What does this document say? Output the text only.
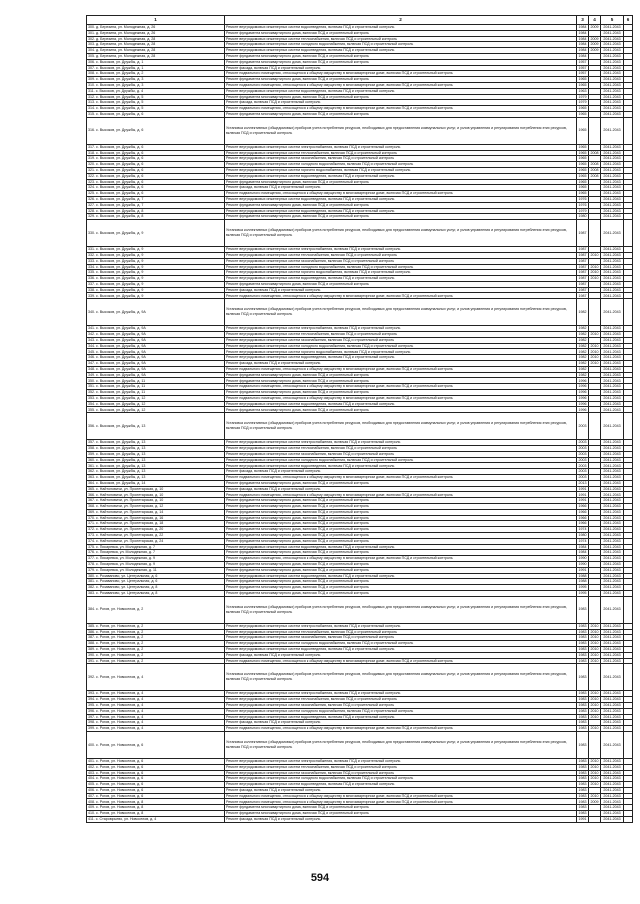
1	2	3	4	5	6
300. д. Березина, ул. Молодежная, д. 26	Ремонт внутридомовых инженерных систем водоотведения, включая ПСД и строительный контроль	1984	2009	2041-2043	
301. д. Березина, ул. Молодежная, д. 26	Ремонт фундамента многоквартирного дома, включая ПСД и строительный контроль	1984		2041-2043	
302. д. Березина, ул. Молодежная, д. 28	Ремонт внутридомовых инженерных систем теплоснабжения, включая ПСД и строительный контроль	1984	2009	2041-2043	
303. д. Березина, ул. Молодежная, д. 28	Ремонт внутридомовых инженерных систем холодного водоснабжения, включая ПСД и строительный контроль	1984	2009	2041-2043	
304. д. Березина, ул. Молодежная, д. 28	Ремонт внутридомовых инженерных систем водоотведения, включая ПСД и строительный контроль	1984	2009	2041-2043	
305. д. Березина, ул. Молодежная, д. 28	Ремонт фундамента многоквартирного дома, включая ПСД и строительный контроль	1984		2041-2043	
306. с. Высоков, ул. Дружбы, д. 1	Ремонт фундамента многоквартирного дома, включая ПСД и строительный контроль	1957		2041-2043	
307. с. Высоков, ул. Дружбы, д. 1	Ремонт фасада, включая ПСД и строительный контроль	1957		2041-2043	
308. с. Высоков, ул. Дружбы, д. 2	Ремонт подвального помещения, относящегося к общему имуществу в многоквартирном доме, включая ПСД и строительный контроль	1957		2041-2043	
309. с. Высоков, ул. Дружбы, д. 3	Ремонт фундамента многоквартирного дома, включая ПСД и строительный контроль	1965		2041-2043	
310. с. Высоков, ул. Дружбы, д. 3	Ремонт подвального помещения, относящегося к общему имуществу в многоквартирном доме, включая ПСД и строительный контроль	1965		2041-2043	
311. с. Высоков, ул. Дружбы, д. 4	Ремонт внутридомовых инженерных систем водоотведения, включая ПСД и строительный контроль	1963		2041-2043	
312. с. Высоков, ул. Дружбы, д. 5	Ремонт фундамента многоквартирного дома, включая ПСД и строительный контроль	1979		2041-2043	
313. с. Высоков, ул. Дружбы, д. 5	Ремонт фасада, включая ПСД и строительный контроль	1979		2041-2043	
314. с. Высоков, ул. Дружбы, д. 5	Ремонт подвального помещения, относящегося к общему имуществу в многоквартирном доме, включая ПСД и строительный контроль	1965		2041-2043	
315. с. Высоков, ул. Дружбы, д. 6	Ремонт фундамента многоквартирного дома, включая ПСД и строительный контроль	1965		2041-2043	
316. с. Высоков, ул. Дружбы, д. 6	Установка коллективных (общедомовых) приборов учета потребления ресурсов, необходимых для предоставления коммунальных услуг, и узлов управления и регулирования потребления этих ресурсов, включая ПСД и строительный контроль	1965		2041-2043	
317. с. Высоков, ул. Дружбы, д. 6	Ремонт внутридомовых инженерных систем электроснабжения, включая ПСД и строительный контроль	1965		2041-2043	
318. с. Высоков, ул. Дружбы, д. 6	Ремонт внутридомовых инженерных систем теплоснабжения, включая ПСД и строительный контроль	1965	2008	2041-2043	
319. с. Высоков, ул. Дружбы, д. 6	Ремонт внутридомовых инженерных систем газоснабжения, включая ПСД и строительный контроль	1965		2041-2043	
320. с. Высоков, ул. Дружбы, д. 6	Ремонт внутридомовых инженерных систем холодного водоснабжения, включая ПСД и строительный контроль	1965	2008	2041-2043	
321. с. Высоков, ул. Дружбы, д. 6	Ремонт внутридомовых инженерных систем горячего водоснабжения, включая ПСД и строительный контроль	1965	2008	2041-2043	
322. с. Высоков, ул. Дружбы, д. 6	Ремонт внутридомовых инженерных систем водоотведения, включая ПСД и строительный контроль	1965	2008	2041-2043	
323. с. Высоков, ул. Дружбы, д. 6	Ремонт фундамента многоквартирного дома, включая ПСД и строительный контроль	1965		2041-2043	
324. с. Высоков, ул. Дружбы, д. 6	Ремонт фасада, включая ПСД и строительный контроль	1965		2041-2043	
325. с. Высоков, ул. Дружбы, д. 6	Ремонт подвального помещения, относящегося к общему имуществу в многоквартирном доме, включая ПСД и строительный контроль	1965		2041-2043	
326. с. Высоков, ул. Дружбы, д. 7	Ремонт внутридомовых инженерных систем водоотведения, включая ПСД и строительный контроль	1976		2041-2043	
327. с. Высоков, ул. Дружбы, д. 7	Ремонт фундамента многоквартирного дома, включая ПСД и строительный контроль	1976		2041-2043	
328. с. Высоков, ул. Дружбы, д. 8	Ремонт внутридомовых инженерных систем водоотведения, включая ПСД и строительный контроль	1979		2041-2043	
329. с. Высоков, ул. Дружбы, д. 8	Ремонт фундамента многоквартирного дома, включая ПСД и строительный контроль	1980		2041-2043	
330. с. Высоков, ул. Дружбы, д. 9	Установка коллективных (общедомовых) приборов учета потребления ресурсов, необходимых для предоставления коммунальных услуг, и узлов управления и регулирования потребления этих ресурсов, включая ПСД и строительный контроль	1987		2041-2043	
331. с. Высоков, ул. Дружбы, д. 9	Ремонт внутридомовых инженерных систем электроснабжения, включая ПСД и строительный контроль	1987		2041-2043	
332. с. Высоков, ул. Дружбы, д. 9	Ремонт внутридомовых инженерных систем теплоснабжения, включая ПСД и строительный контроль	1987	2010	2041-2043	
333. с. Высоков, ул. Дружбы, д. 9	Ремонт внутридомовых инженерных систем газоснабжения, включая ПСД и строительный контроль	1987		2041-2043	
334. с. Высоков, ул. Дружбы, д. 9	Ремонт внутридомовых инженерных систем холодного водоснабжения, включая ПСД и строительный контроль	1987	2010	2041-2043	
335. с. Высоков, ул. Дружбы, д. 9	Ремонт внутридомовых инженерных систем горячего водоснабжения, включая ПСД и строительный контроль	1987	2010	2041-2043	
336. с. Высоков, ул. Дружбы, д. 9	Ремонт внутридомовых инженерных систем водоотведения, включая ПСД и строительный контроль	1987	2010	2041-2043	
337. с. Высоков, ул. Дружбы, д. 9	Ремонт фундамента многоквартирного дома, включая ПСД и строительный контроль	1987		2041-2043	
338. с. Высоков, ул. Дружбы, д. 9	Ремонт фасада, включая ПСД и строительный контроль	1987		2041-2043	
339. с. Высоков, ул. Дружбы, д. 9	Ремонт подвального помещения, относящегося к общему имуществу в многоквартирном доме, включая ПСД и строительный контроль	1987		2041-2043	
340. с. Высоков, ул. Дружбы, д. 9А	Установка коллективных (общедомовых) приборов учета потребления ресурсов, необходимых для предоставления коммунальных услуг, и узлов управления и регулирования потребления этих ресурсов, включая ПСД и строительный контроль	1982		2041-2043	
341. с. Высоков, ул. Дружбы, д. 9А	Ремонт внутридомовых инженерных систем электроснабжения, включая ПСД и строительный контроль	1982		2041-2043	
342. с. Высоков, ул. Дружбы, д. 9А	Ремонт внутридомовых инженерных систем теплоснабжения, включая ПСД и строительный контроль	1982	2010	2041-2043	
343. с. Высоков, ул. Дружбы, д. 9А	Ремонт внутридомовых инженерных систем газоснабжения, включая ПСД и строительный контроль	1982		2041-2043	
344. с. Высоков, ул. Дружбы, д. 9А	Ремонт внутридомовых инженерных систем холодного водоснабжения, включая ПСД и строительный контроль	1982	2010	2041-2043	
345. с. Высоков, ул. Дружбы, д. 9А	Ремонт внутридомовых инженерных систем горячего водоснабжения, включая ПСД и строительный контроль	1982	2010	2041-2043	
346. с. Высоков, ул. Дружбы, д. 9А	Ремонт внутридомовых инженерных систем водоотведения, включая ПСД и строительный контроль	1982	2010	2041-2043	
347. с. Высоков, ул. Дружбы, д. 9А	Ремонт фасада, включая ПСД и строительный контроль	1982	2010	2041-2043	
348. с. Высоков, ул. Дружбы, д. 9А	Ремонт подвального помещения, относящегося к общему имуществу в многоквартирном доме, включая ПСД и строительный контроль	1982		2041-2043	
349. с. Высоков, ул. Дружбы, д. 9А	Ремонт фундамента многоквартирного дома, включая ПСД и строительный контроль	1982		2041-2043	
350. с. Высоков, ул. Дружбы, д. 11	Ремонт фундамента многоквартирного дома, включая ПСД и строительный контроль	1996		2041-2043	
351. с. Высоков, ул. Дружбы, д. 11	Ремонт подвального помещения, относящегося к общему имуществу в многоквартирном доме, включая ПСД и строительный контроль	1996		2041-2043	
352. с. Высоков, ул. Дружбы, д. 11	Ремонт фундамента многоквартирного дома, включая ПСД и строительный контроль	1996		2041-2043	
353. с. Высоков, ул. Дружбы, д. 12	Ремонт подвального помещения, относящегося к общему имуществу в многоквартирном доме, включая ПСД и строительный контроль	1996		2041-2043	
354. с. Высоков, ул. Дружбы, д. 12	Ремонт внутридомовых инженерных систем водоотведения, включая ПСД и строительный контроль	1996		2041-2043	
355. с. Высоков, ул. Дружбы, д. 12	Ремонт фундамента многоквартирного дома, включая ПСД и строительный контроль	1996		2041-2043	
356. с. Высоков, ул. Дружбы, д. 13	Установка коллективных (общедомовых) приборов учета потребления ресурсов, необходимых для предоставления коммунальных услуг, и узлов управления и регулирования потребления этих ресурсов, включая ПСД и строительный контроль	2003		2041-2043	
357. с. Высоков, ул. Дружбы, д. 13	Ремонт внутридомовых инженерных систем электроснабжения, включая ПСД и строительный контроль	2003		2041-2043	
358. с. Высоков, ул. Дружбы, д. 13	Ремонт внутридомовых инженерных систем теплоснабжения, включая ПСД и строительный контроль	2003		2041-2043	
359. с. Высоков, ул. Дружбы, д. 13	Ремонт внутридомовых инженерных систем газоснабжения, включая ПСД и строительный контроль	2003		2041-2043	
360. с. Высоков, ул. Дружбы, д. 13	Ремонт внутридомовых инженерных систем холодного водоснабжения, включая ПСД и строительный контроль	2003		2041-2043	
361. с. Высоков, ул. Дружбы, д. 13	Ремонт внутридомовых инженерных систем водоотведения, включая ПСД и строительный контроль	2003		2041-2043	
362. с. Высоков, ул. Дружбы, д. 13	Ремонт фасада, включая ПСД и строительный контроль	2003		2041-2043	
363. с. Высоков, ул. Дружбы, д. 13	Ремонт подвального помещения, относящегося к общему имуществу в многоквартирном доме, включая ПСД и строительный контроль	2003		2041-2043	
364. с. Высоков, ул. Дружбы, д. 14	Ремонт фундамента многоквартирного дома, включая ПСД и строительный контроль	2013		2041-2043	
365. с. Найтоловичи, ул. Пролетарская, д. 10	Ремонт фасада, включая ПСД и строительный контроль	1991		2041-2043	
366. с. Найтоловичи, ул. Пролетарская, д. 10	Ремонт подвального помещения, относящегося к общему имуществу в многоквартирном доме, включая ПСД и строительный контроль	1991		2041-2043	
367. с. Найтоловичи, ул. Пролетарская, д. 10	Ремонт фундамента многоквартирного дома, включая ПСД и строительный контроль	1991		2041-2043	
368. с. Найтоловичи, ул. Пролетарская, д. 12	Ремонт фундамента многоквартирного дома, включая ПСД и строительный контроль	1966		2041-2043	
369. с. Найтоловичи, ул. Пролетарская, д. 14	Ремонт фундамента многоквартирного дома, включая ПСД и строительный контроль	1966		2041-2043	
370. с. Найтоловичи, ул. Пролетарская, д. 16	Ремонт фундамента многоквартирного дома, включая ПСД и строительный контроль	1966		2041-2043	
371. с. Найтоловичи, ул. Пролетарская, д. 18	Ремонт фундамента многоквартирного дома, включая ПСД и строительный контроль	1966		2041-2043	
372. с. Найтоловичи, ул. Пролетарская, д. 20	Ремонт фундамента многоквартирного дома, включая ПСД и строительный контроль	1974		2041-2043	
373. с. Найтоловичи, ул. Пролетарская, д. 22	Ремонт фундамента многоквартирного дома, включая ПСД и строительный контроль	1980		2041-2043	
374. с. Найтоловичи, ул. Пролетарская, д. 24	Ремонт фундамента многоквартирного дома, включая ПСД и строительный контроль	1974		2041-2043	
375. с. Писаревка, ул. Молодежная, д. 7	Ремонт внутридомовых инженерных систем водоотведения, включая ПСД и строительный контроль	1984		2041-2043	
376. с. Писаревка, ул. Молодежная, д. 7	Ремонт фундамента многоквартирного дома, включая ПСД и строительный контроль	1984		2041-2043	
377. с. Писаревка, ул. Молодежная, д. 9	Ремонт подвального помещения, относящегося к общему имуществу в многоквартирном доме, включая ПСД и строительный контроль	1990		2041-2043	
378. с. Писаревка, ул. Молодежная, д. 9	Ремонт фундамента многоквартирного дома, включая ПСД и строительный контроль	1990		2041-2043	
379. с. Писаревка, ул. Молодежная, д. 11	Ремонт фундамента многоквартирного дома, включая ПСД и строительный контроль	1991		2041-2043	
380. с. Розаваново, ул. Центральная, д. 6	Ремонт внутридомовых инженерных систем водоотведения, включая ПСД и строительный контроль	1988		2041-2043	
381. с. Розаваново, ул. Центральная, д. 6	Ремонт фундамента многоквартирного дома, включая ПСД и строительный контроль	1988		2041-2043	
382. с. Розаваново, ул. Центральная, д. 8	Ремонт фундамента многоквартирного дома, включая ПСД и строительный контроль	1995		2041-2043	
383. с. Розаваново, ул. Центральная, д. 8	Ремонт фундамента многоквартирного дома, включая ПСД и строительный контроль	1995		2041-2043	
384. с. Рогов, ул. Новоселов, д. 2	Установка коллективных (общедомовых) приборов учета потребления ресурсов, необходимых для предоставления коммунальных услуг, и узлов управления и регулирования потребления этих ресурсов, включая ПСД и строительный контроль	1983		2041-2043	
385. с. Рогов, ул. Новоселов, д. 2	Ремонт внутридомовых инженерных систем электроснабжения, включая ПСД и строительный контроль	1983	2010	2041-2043	
386. с. Рогов, ул. Новоселов, д. 2	Ремонт внутридомовых инженерных систем теплоснабжения, включая ПСД и строительный контроль	1983	2010	2041-2043	
387. с. Рогов, ул. Новоселов, д. 2	Ремонт внутридомовых инженерных систем газоснабжения, включая ПСД и строительный контроль	1983	2010	2041-2043	
388. с. Рогов, ул. Новоселов, д. 2	Ремонт внутридомовых инженерных систем холодного водоснабжения, включая ПСД и строительный контроль	1983	2010	2041-2043	
389. с. Рогов, ул. Новоселов, д. 2	Ремонт внутридомовых инженерных систем водоотведения, включая ПСД и строительный контроль	1983	2010	2041-2043	
390. с. Рогов, ул. Новоселов, д. 2	Ремонт фасада, включая ПСД и строительный контроль	1983	2010	2041-2043	
391. с. Рогов, ул. Новоселов, д. 2	Ремонт подвального помещения, относящегося к общему имуществу в многоквартирном доме, включая ПСД и строительный контроль	1983	2010	2041-2043	
392. с. Рогов, ул. Новоселов, д. 4	Установка коллективных (общедомовых) приборов учета потребления ресурсов, необходимых для предоставления коммунальных услуг, и узлов управления и регулирования потребления этих ресурсов, включая ПСД и строительный контроль	1983		2041-2043	
393. с. Рогов, ул. Новоселов, д. 4	Ремонт внутридомовых инженерных систем электроснабжения, включая ПСД и строительный контроль	1983	2010	2041-2043	
394. с. Рогов, ул. Новоселов, д. 4	Ремонт внутридомовых инженерных систем теплоснабжения, включая ПСД и строительный контроль	1983	2010	2041-2043	
395. с. Рогов, ул. Новоселов, д. 4	Ремонт внутридомовых инженерных систем газоснабжения, включая ПСД и строительный контроль	1983	2010	2041-2043	
396. с. Рогов, ул. Новоселов, д. 4	Ремонт внутридомовых инженерных систем холодного водоснабжения, включая ПСД и строительный контроль	1983	2010	2041-2043	
397. с. Рогов, ул. Новоселов, д. 4	Ремонт внутридомовых инженерных систем водоотведения, включая ПСД и строительный контроль	1983	2010	2041-2043	
398. с. Рогов, ул. Новоселов, д. 4	Ремонт фасада, включая ПСД и строительный контроль	1983		2041-2043	
399. с. Рогов, ул. Новоселов, д. 4	Ремонт подвального помещения, относящегося к общему имуществу в многоквартирном доме, включая ПСД и строительный контроль	1983	2010	2041-2043	
400. с. Рогов, ул. Новоселов, д. 6	Установка коллективных (общедомовых) приборов учета потребления ресурсов, необходимых для предоставления коммунальных услуг, и узлов управления и регулирования потребления этих ресурсов, включая ПСД и строительный контроль	1983		2041-2043	
401. с. Рогов, ул. Новоселов, д. 6	Ремонт внутридомовых инженерных систем электроснабжения, включая ПСД и строительный контроль	1983	2010	2041-2043	
402. с. Рогов, ул. Новоселов, д. 6	Ремонт внутридомовых инженерных систем теплоснабжения, включая ПСД и строительный контроль	1983	2010	2041-2043	
403. с. Рогов, ул. Новоселов, д. 6	Ремонт внутридомовых инженерных систем газоснабжения, включая ПСД и строительный контроль	1983	2010	2041-2043	
404. с. Рогов, ул. Новоселов, д. 6	Ремонт внутридомовых инженерных систем холодного водоснабжения, включая ПСД и строительный контроль	1983	2010	2041-2043	
405. с. Рогов, ул. Новоселов, д. 6	Ремонт внутридомовых инженерных систем водоотведения, включая ПСД и строительный контроль	1983	2010	2041-2043	
406. с. Рогов, ул. Новоселов, д. 6	Ремонт фасада, включая ПСД и строительный контроль	1983		2041-2043	
407. с. Рогов, ул. Новоселов, д. 6	Ремонт подвального помещения, относящегося к общему имуществу в многоквартирном доме, включая ПСД и строительный контроль	1983	2010	2041-2043	
408. с. Рогов, ул. Новоселов, д. 8	Ремонт подвального помещения, относящегося к общему имуществу в многоквартирном доме, включая ПСД и строительный контроль	1983	2009	2041-2043	
409. с. Рогов, ул. Новоселов, д. 8	Ремонт фундамента многоквартирного дома, включая ПСД и строительный контроль	1983		2041-2043	
410. с. Рогов, ул. Новоселов, д. 8	Ремонт фундамента многоквартирного дома, включая ПСД и строительный контроль	1983		2041-2043	
411. с. Староюрьево, ул. Новоселов, д. 4	Ремонт фасада, включая ПСД и строительный контроль	1991		2041-2043	
594
